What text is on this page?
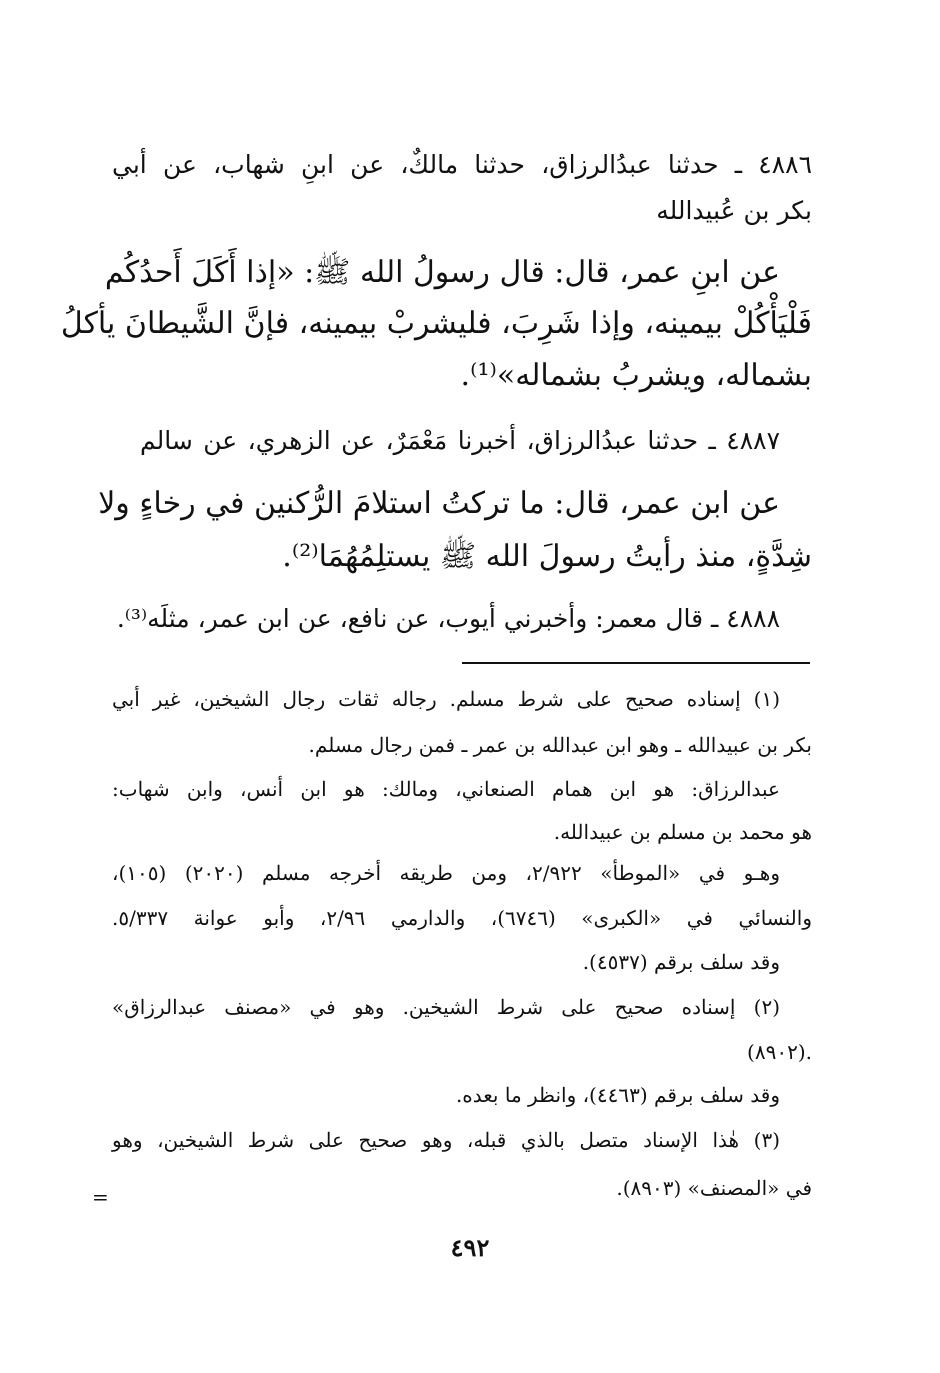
٤٨٨٦ ـ حدثنا عبدُالرزاق، حدثنا مالكٌ، عن ابنِ شهاب، عن أبي
بكر بن عُبيدالله
عن ابنِ عمر، قال: قال رسولُ الله ﷺ: «إذا أَكَلَ أَحدُكُم
فَلْيَأْكُلْ بيمينه، وإذا شَرِبَ، فليشربْ بيمينه، فإنَّ الشَّيطانَ يأكلُ
بشماله، ويشربُ بشماله»⁽¹⁾.
٤٨٨٧ ـ حدثنا عبدُالرزاق، أخبرنا مَعْمَرٌ، عن الزهري، عن سالم
عن ابن عمر، قال: ما تركتُ استلامَ الرُّكنين في رخاءٍ ولا
شِدَّةٍ، منذ رأيتُ رسولَ الله ﷺ يستلِمُهُمَا⁽²⁾.
٤٨٨٨ ـ قال معمر: وأخبرني أيوب، عن نافع، عن ابن عمر، مثلَه⁽³⁾.
(١) إسناده صحيح على شرط مسلم. رجاله ثقات رجال الشيخين، غير أبي
بكر بن عبيدالله ـ وهو ابن عبدالله بن عمر ـ فمن رجال مسلم.
عبدالرزاق: هو ابن همام الصنعاني، ومالك: هو ابن أنس، وابن شهاب:
هو محمد بن مسلم بن عبيدالله.
وهـو في «الموطأ» ٢/٩٢٢، ومن طريقه أخرجه مسلم (٢٠٢٠) (١٠٥)،
والنسائي في «الكبرى» (٦٧٤٦)، والدارمي ٢/٩٦، وأبو عوانة ٥/٣٣٧.
وقد سلف برقم (٤٥٣٧).
(٢) إسناده صحيح على شرط الشيخين. وهو في «مصنف عبدالرزاق»
(٨٩٠٢).
وقد سلف برقم (٤٤٦٣)، وانظر ما بعده.
(٣) هٰذا الإسناد متصل بالذي قبله، وهو صحيح على شرط الشيخين، وهو
في «المصنف» (٨٩٠٣).
=
٤٩٢
